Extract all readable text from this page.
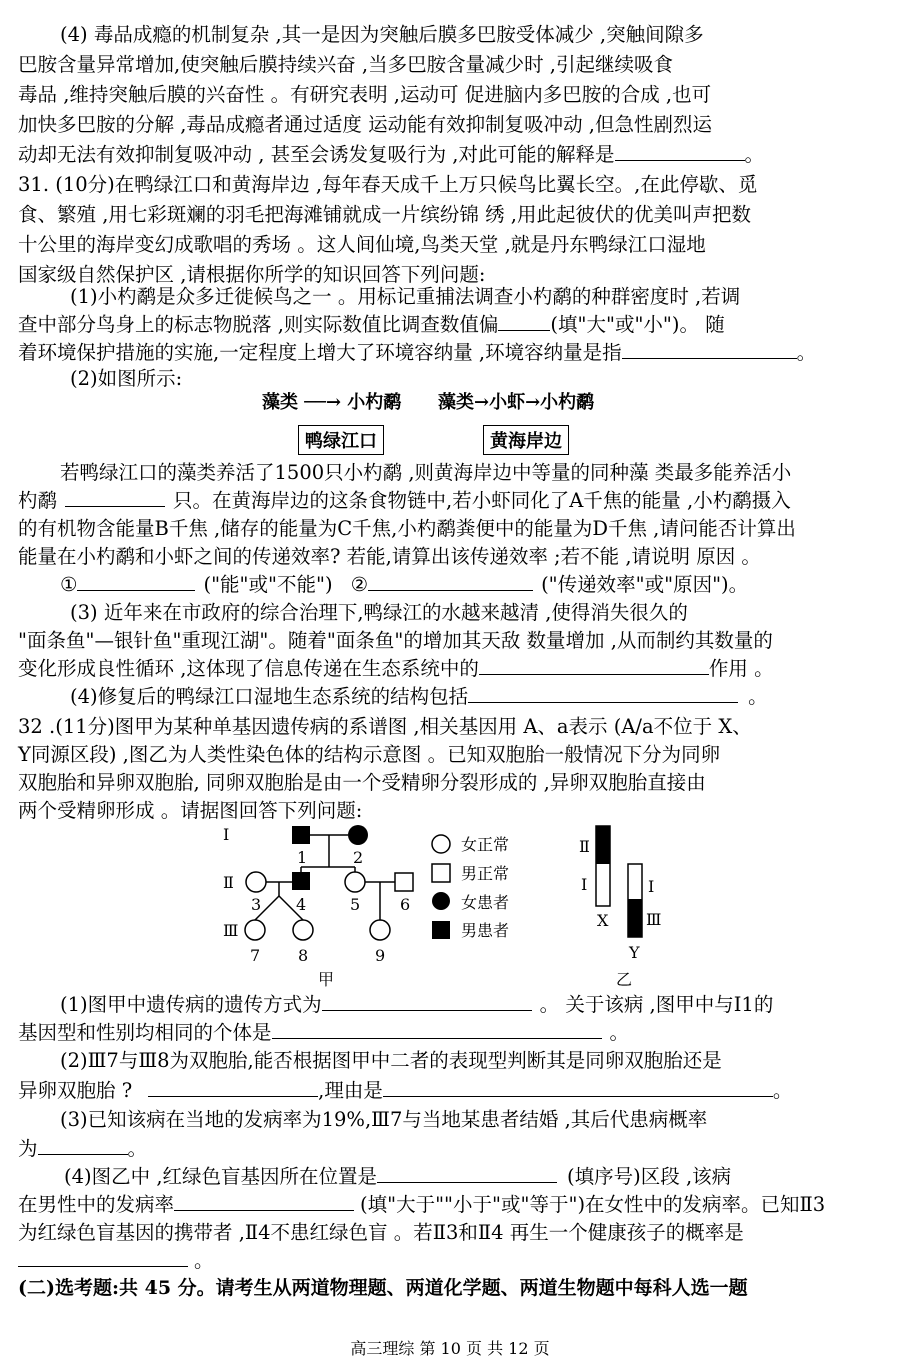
(4) 毒品成瘾的机制复杂 ,其一是因为突触后膜多巴胺受体减少 ,突触间隙多
巴胺含量异常增加,使突触后膜持续兴奋 ,当多巴胺含量减少时 ,引起继续吸食
毒品 ,维持突触后膜的兴奋性 。有研究表明 ,运动可 促进脑内多巴胺的合成 ,也可
加快多巴胺的分解 ,毒品成瘾者通过适度 运动能有效抑制复吸冲动 ,但急性剧烈运
动却无法有效抑制复吸冲动 , 甚至会诱发复吸行为 ,对此可能的解释是	。
31. (10分)在鸭绿江口和黄海岸边 ,每年春天成千上万只候鸟比翼长空。,在此停歇、觅
食、繁殖 ,用七彩斑斓的羽毛把海滩铺就成一片缤纷锦 绣 ,用此起彼伏的优美叫声把数
十公里的海岸变幻成歌唱的秀场 。这人间仙境,鸟类天堂 ,就是丹东鸭绿江口湿地
国家级自然保护区 ,请根据你所学的知识回答下列问题:
(1)小杓鹬是众多迁徙候鸟之一 。用标记重捕法调查小杓鹬的种群密度时 ,若调
查中部分鸟身上的标志物脱落 ,则实际数值比调查数值偏	(填"大"或"小")。 随
着环境保护措施的实施,一定程度上增大了环境容纳量 ,环境容纳量是指	。
(2)如图所示:
藻类 ──→ 小杓鹬 藻类→小虾→小杓鹬
鸭绿江口	黄海岸边
若鸭绿江口的藻类养活了1500只小杓鹬 ,则黄海岸边中等量的同种藻 类最多能养活小
杓鹬	只。在黄海岸边的这条食物链中,若小虾同化了A千焦的能量 ,小杓鹬摄入
的有机物含能量B千焦 ,储存的能量为C千焦,小杓鹬粪便中的能量为D千焦 ,请问能否计算出
能量在小杓鹬和小虾之间的传递效率? 若能,请算出该传递效率 ;若不能 ,请说明 原因 。
①	("能"或"不能") ②	("传递效率"或"原因")。
(3) 近年来在市政府的综合治理下,鸭绿江的水越来越清 ,使得消失很久的
"面条鱼"—银针鱼"重现江湖"。随着"面条鱼"的增加其天敌 数量增加 ,从而制约其数量的
变化形成良性循环 ,这体现了信息传递在生态系统中的	作用 。
(4)修复后的鸭绿江口湿地生态系统的结构包括	。
32 .(11分)图甲为某种单基因遗传病的系谱图 ,相关基因用 A、a表示 (A/a不位于 X、
Y同源区段) ,图乙为人类性染色体的结构示意图 。已知双胞胎一般情况下分为同卵
双胞胎和异卵双胞胎, 同卵双胞胎是由一个受精卵分裂形成的 ,异卵双胞胎直接由
两个受精卵形成 。请据图回答下列问题:
Ⅰ
Ⅱ
Ⅲ
1	2
3 4	5 6
7 8	9
甲
女正常
男正常
女患者
男患者
Ⅱ
Ⅰ
X
Ⅰ
Ⅲ
Y
乙
(1)图甲中遗传病的遗传方式为	。 关于该病 ,图甲中与I1的
基因型和性别均相同的个体是	。
(2)Ⅲ7与Ⅲ8为双胞胎,能否根据图甲中二者的表现型判断其是同卵双胞胎还是
异卵双胞胎 ?	,理由是	。
(3)已知该病在当地的发病率为19%,Ⅲ7与当地某患者结婚 ,其后代患病概率
为	。
(4)图乙中 ,红绿色盲基因所在位置是	(填序号)区段 ,该病
在男性中的发病率	(填"大于""小于"或"等于")在女性中的发病率。已知Ⅱ3
为红绿色盲基因的携带者 ,Ⅱ4不患红绿色盲 。若Ⅱ3和Ⅱ4 再生一个健康孩子的概率是
。
(二)选考题:共 45 分。请考生从两道物理题、两道化学题、两道生物题中每科人选一题
高三理综 第 10 页 共 12 页
